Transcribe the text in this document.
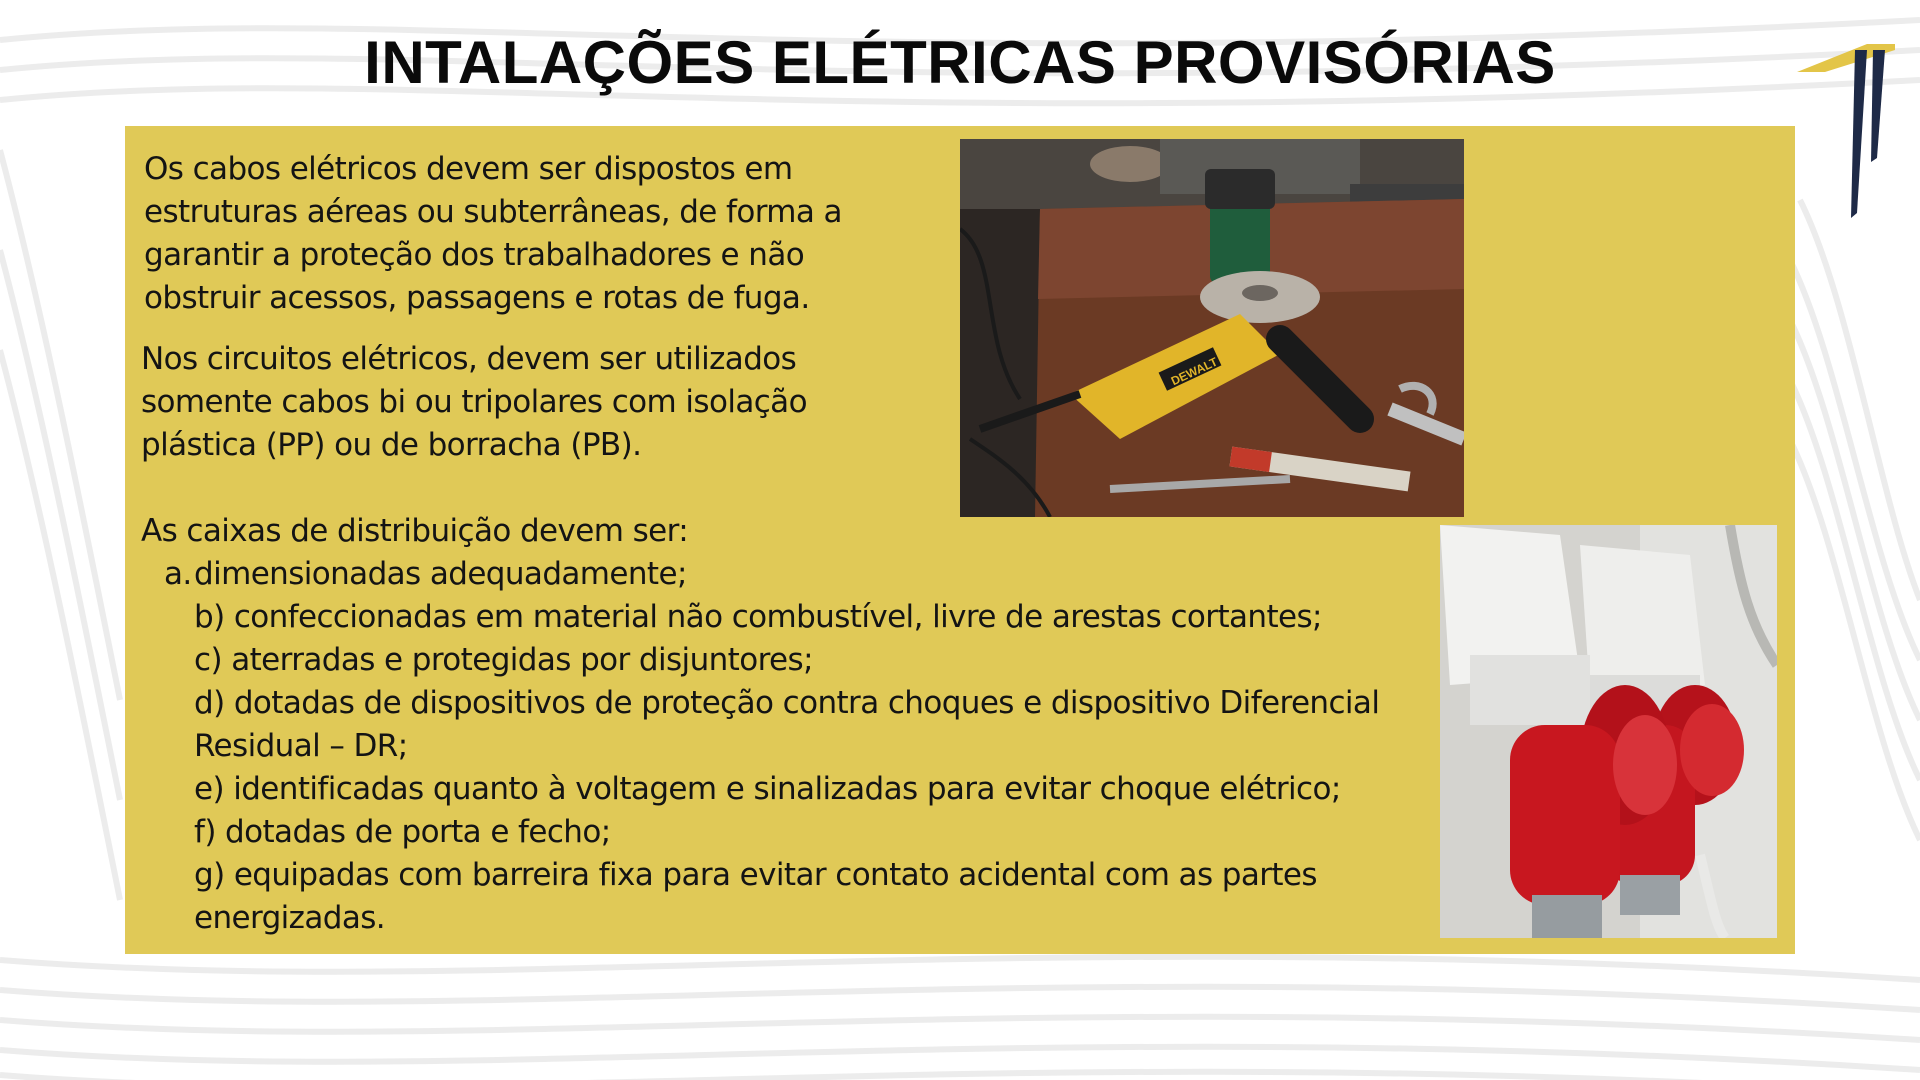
INTALAÇÕES ELÉTRICAS PROVISÓRIAS
Os cabos elétricos devem ser dispostos em
estruturas aéreas ou subterrâneas, de forma a
garantir a proteção dos trabalhadores e não
obstruir acessos, passagens e rotas de fuga.
Nos circuitos elétricos, devem ser utilizados
somente cabos bi ou tripolares com isolação
plástica (PP) ou de borracha (PB).
As caixas de distribuição devem ser:
a.dimensionadas adequadamente;
b) confeccionadas em material não combustível, livre de arestas cortantes;
c) aterradas e protegidas por disjuntores;
d) dotadas de dispositivos de proteção contra choques e dispositivo Diferencial
Residual – DR;
e) identificadas quanto à voltagem e sinalizadas para evitar choque elétrico;
f) dotadas de porta e fecho;
g) equipadas com barreira fixa para evitar contato acidental com as partes
energizadas.
DEWALT
